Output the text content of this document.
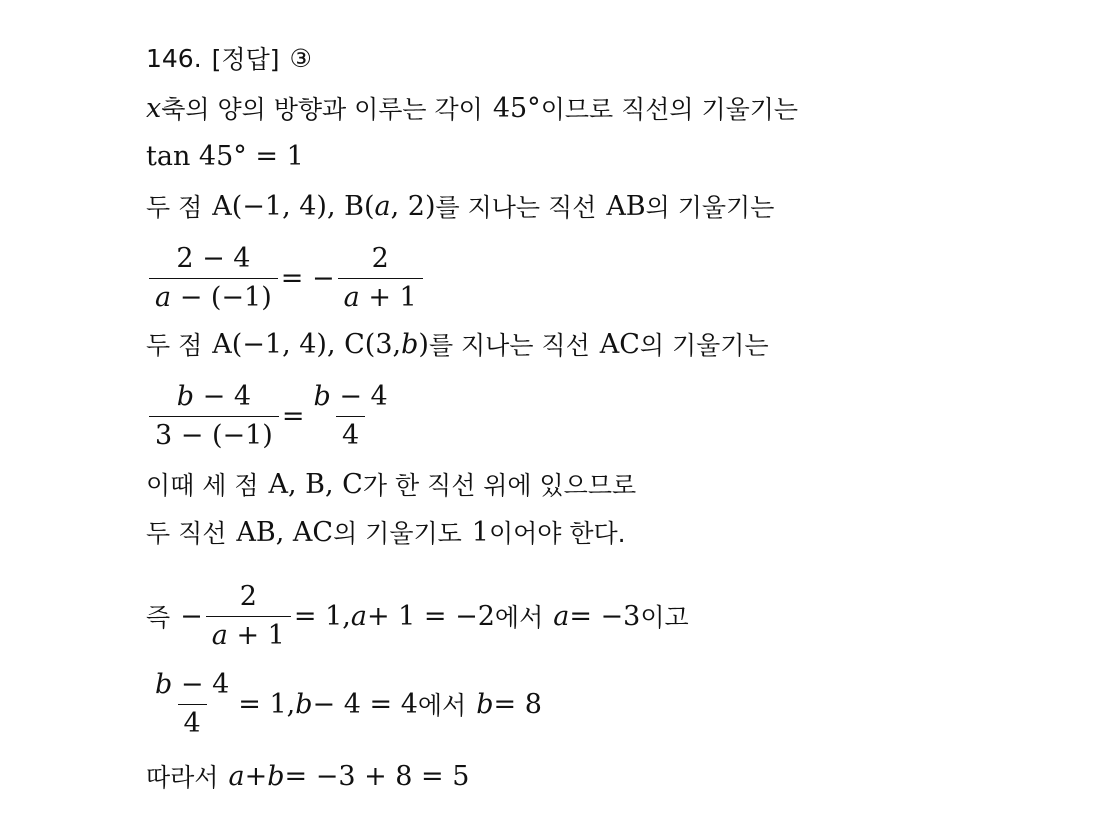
146. [정답] ③
x 축의 양의 방향과 이루는 각이 45° 이므로 직선의 기울기는
tan 45° = 1
두 점 A(−1, 4), B( a , 2) 를 지나는 직선 AB 의 기울기는
$\frac{2 - 4}{a - (-1)}$ = − $\frac{2}{a + 1}$
두 점 A(−1, 4), C(3, b ) 를 지나는 직선 AC 의 기울기는
$\frac{b - 4}{3 - (-1)} = \frac{b - 4}{4}$
이때 세 점 A, B, C 가 한 직선 위에 있으므로
두 직선 AB, AC 의 기울기도 1 이어야 한다.
즉 − $\frac{2}{a + 1} = 1$, a + 1 = −2 에서 a = −3 이고
$\frac{b - 4}{4} = 1$, b − 4 = 4 에서 b = 8
따라서 a + b = −3 + 8 = 5
